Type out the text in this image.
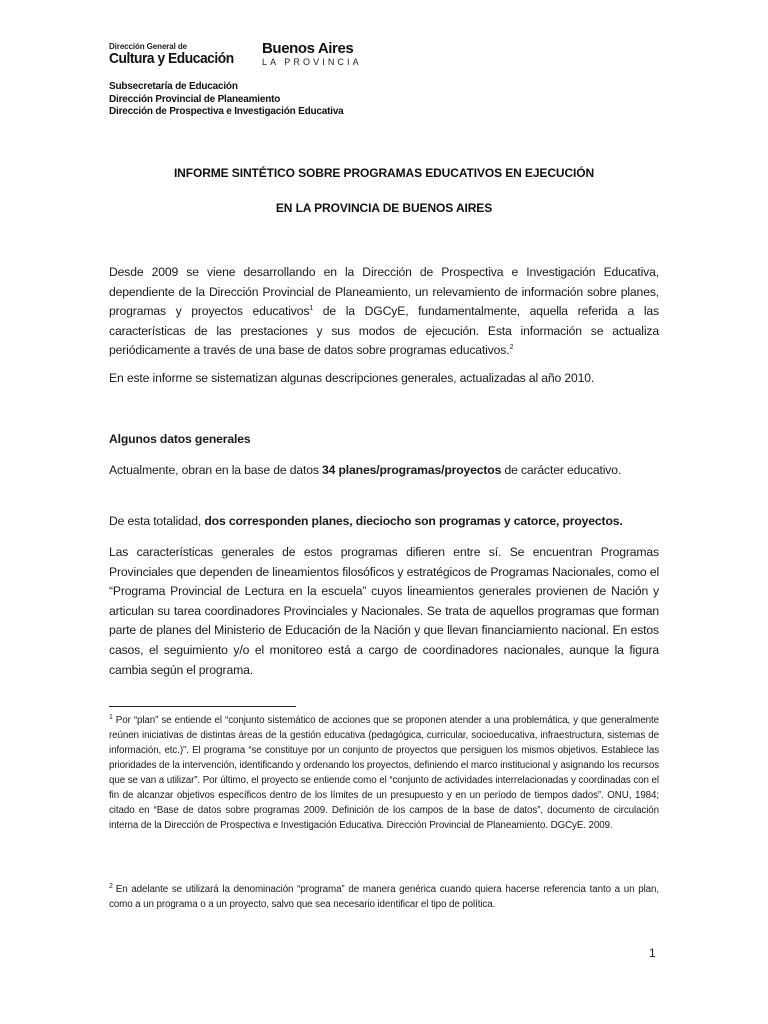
Dirección General de
Cultura y Educación
Buenos Aires
LA PROVINCIA
Subsecretaría de Educación
Dirección Provincial de Planeamiento
Dirección de Prospectiva e Investigación Educativa
INFORME SINTÉTICO SOBRE PROGRAMAS EDUCATIVOS EN EJECUCIÓN
EN LA PROVINCIA DE BUENOS AIRES
Desde 2009 se viene desarrollando en la Dirección de Prospectiva e Investigación Educativa, dependiente de la Dirección Provincial de Planeamiento, un relevamiento de información sobre planes, programas y proyectos educativos$^1$ de la DGCyE, fundamentalmente, aquella referida a las características de las prestaciones y sus modos de ejecución. Esta información se actualiza periódicamente a través de una base de datos sobre programas educativos.$^2$
En este informe se sistematizan algunas descripciones generales, actualizadas al año 2010.
Algunos datos generales
Actualmente, obran en la base de datos 34 planes/programas/proyectos de carácter educativo.
De esta totalidad, dos corresponden planes, dieciocho son programas y catorce, proyectos.
Las características generales de estos programas difieren entre sí. Se encuentran Programas Provinciales que dependen de lineamientos filosóficos y estratégicos de Programas Nacionales, como el “Programa Provincial de Lectura en la escuela” cuyos lineamientos generales provienen de Nación y articulan su tarea coordinadores Provinciales y Nacionales. Se trata de aquellos programas que forman parte de planes del Ministerio de Educación de la Nación y que llevan financiamiento nacional. En estos casos, el seguimiento y/o el monitoreo está a cargo de coordinadores nacionales, aunque la figura cambia según el programa.
$^1$ Por “plan” se entiende el “conjunto sistemático de acciones que se proponen atender a una problemática, y que generalmente reúnen iniciativas de distintas áreas de la gestión educativa (pedagógica, curricular, socioeducativa, infraestructura, sistemas de información, etc.)”. El programa “se constituye por un conjunto de proyectos que persiguen los mismos objetivos. Establece las prioridades de la intervención, identificando y ordenando los proyectos, definiendo el marco institucional y asignando los recursos que se van a utilizar”. Por último, el proyecto se entiende como el “conjunto de actividades interrelacionadas y coordinadas con el fin de alcanzar objetivos específicos dentro de los límites de un presupuesto y en un período de tiempos dados”. ONU, 1984; citado en “Base de datos sobre programas 2009. Definición de los campos de la base de datos”, documento de circulación interna de la Dirección de Prospectiva e Investigación Educativa. Dirección Provincial de Planeamiento. DGCyE. 2009.
$^2$ En adelante se utilizará la denominación “programa” de manera genérica cuando quiera hacerse referencia tanto a un plan, como a un programa o a un proyecto, salvo que sea necesario identificar el tipo de política.
1
